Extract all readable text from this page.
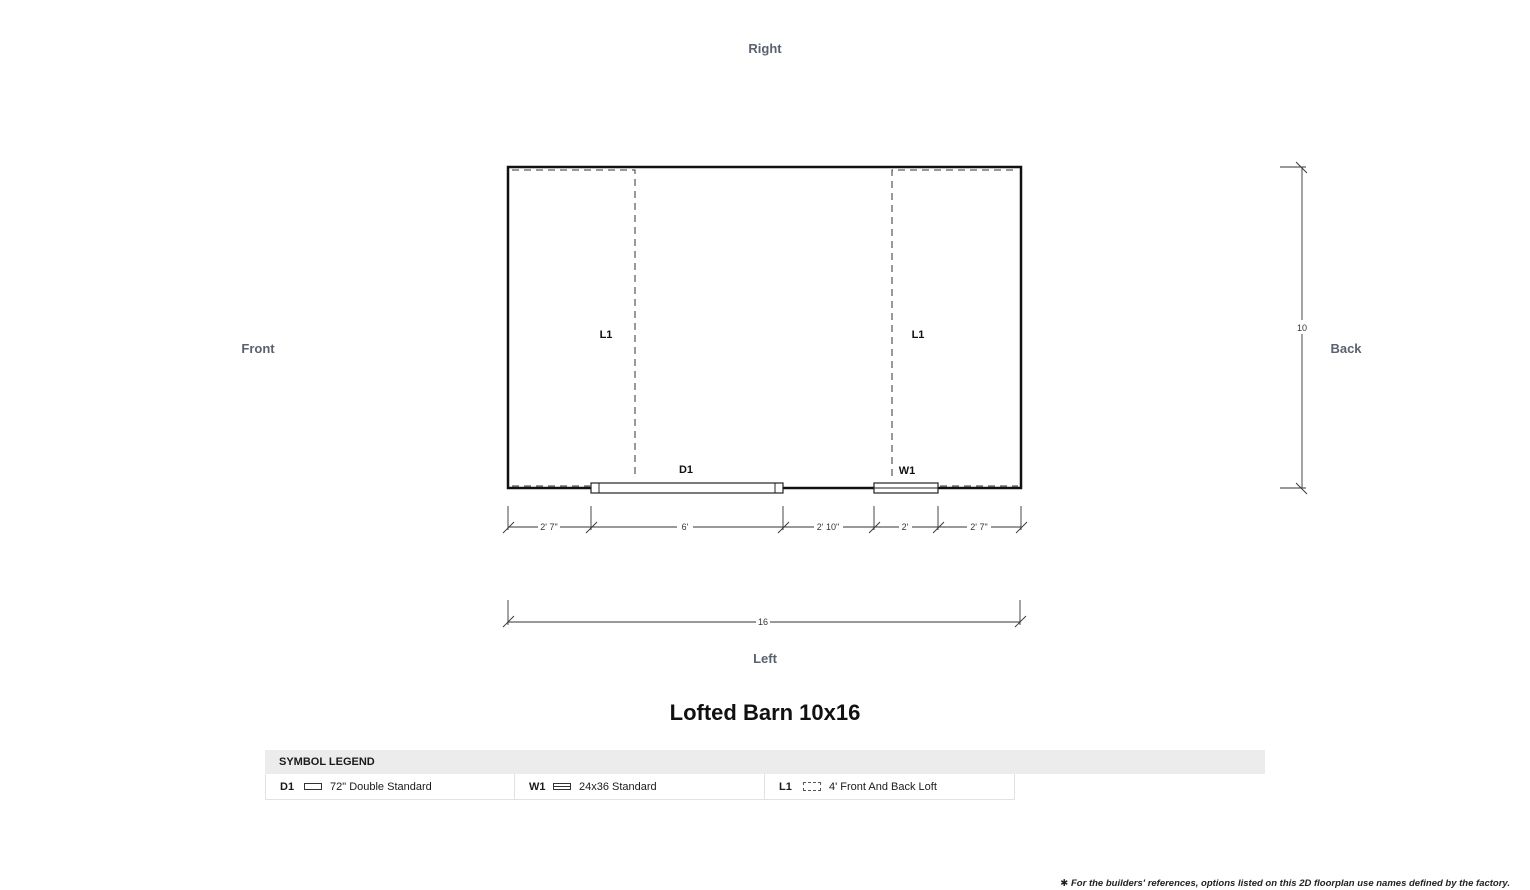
Right
Left
Front	Back
L1	L1
D1	W1
2' 7"	6'	2' 10"	2'	2' 7"
16
10
Lofted Barn 10x16
SYMBOL LEGEND
D1	72" Double Standard	W1	24x36 Standard	L1	4' Front And Back Loft
✱ For the builders' references, options listed on this 2D floorplan use names defined by the factory.
